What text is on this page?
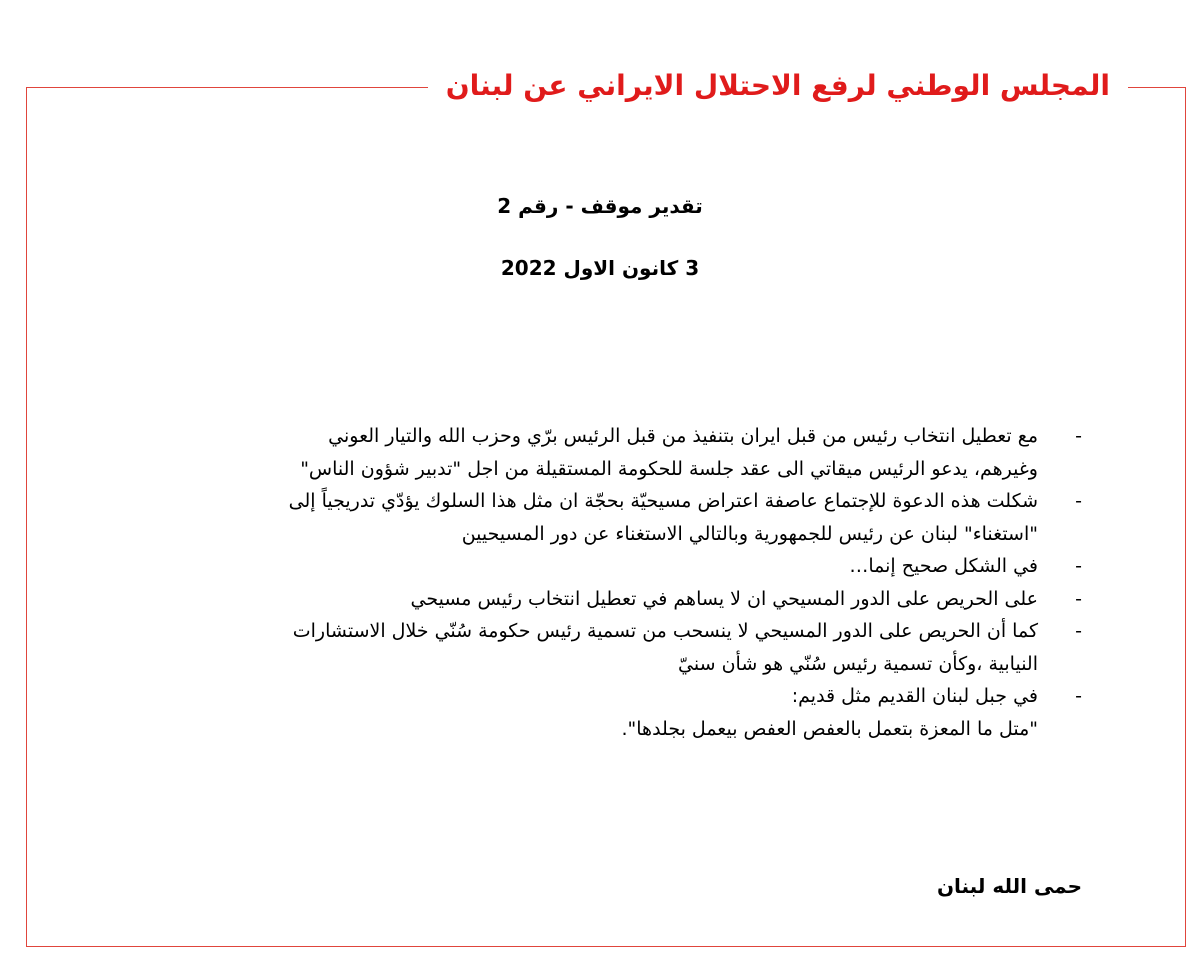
المجلس الوطني لرفع الاحتلال الايراني عن لبنان
تقدير موقف - رقم 2
3 كانون الاول 2022
-
مع تعطيل انتخاب رئيس من قبل ايران بتنفيذ من قبل الرئيس برّي وحزب الله والتيار العوني
وغيرهم، يدعو الرئيس ميقاتي الى عقد جلسة للحكومة المستقيلة من اجل "تدبير شؤون الناس"
-
شكلت هذه الدعوة للإجتماع عاصفة اعتراض مسيحيّة بحجّة ان مثل هذا السلوك يؤدّي تدريجياً إلى
"استغناء" لبنان عن رئيس للجمهورية وبالتالي الاستغناء عن دور المسيحيين
-
في الشكل صحيح إنما…
-
على الحريص على الدور المسيحي ان لا يساهم في تعطيل انتخاب رئيس مسيحي
-
كما أن الحريص على الدور المسيحي لا ينسحب من تسمية رئيس حكومة سُنّي خلال الاستشارات
النيابية ،وكأن تسمية رئيس سُنّي هو شأن سنيّ
-
في جبل لبنان القديم مثل قديم:
"متل ما المعزة بتعمل بالعفص العفص بيعمل بجلدها".
حمى الله لبنان
